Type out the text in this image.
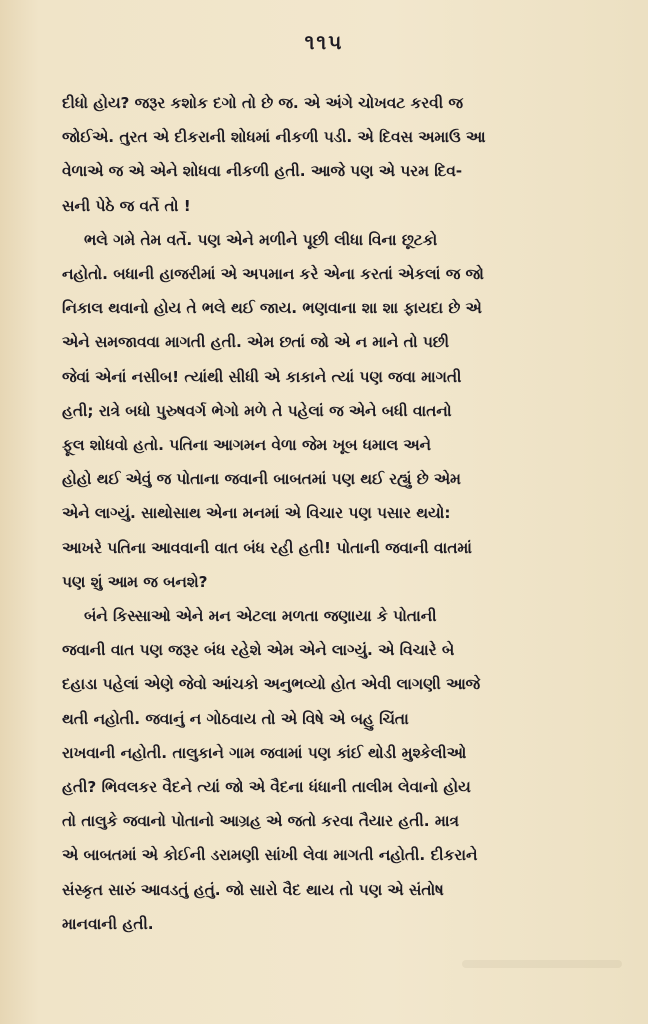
૧૧૫

દીધો હોય? જરૂર કશોક દગો તો છે જ. એ અંગે ચોખવટ કરવી જ

જોઈએ. તુરત એ દીકરાની શોધમાં નીકળી પડી. એ દિવસ અમાઉ આ

વેળાએ જ એ એને શોધવા નીકળી હતી. આજે પણ એ પરમ દિવ-

સની પેઠે જ વર્તે તો !

ભલે ગમે તેમ વર્તે. પણ એને મળીને પૂછી લીધા વિના છૂટકો

નહોતો. બધાની હાજરીમાં એ અપમાન કરે એના કરતાં એકલાં જ જો

નિકાલ થવાનો હોય તે ભલે થઈ જાય. ભણવાના શા શા ફાયદા છે એ

એને સમજાવવા માગતી હતી. એમ છતાં જો એ ન માને તો પછી

જેવાં એનાં નસીબ! ત્યાંથી સીધી એ કાકાને ત્યાં પણ જવા માગતી

હતી; રાત્રે બધો પુરુષવર્ગ ભેગો મળે તે પહેલાં જ એને બધી વાતનો

ફૂલ શોધવો હતો. પતિના આગમન વેળા જેમ ખૂબ ધમાલ અને

હોહો થઈ એવું જ પોતાના જવાની બાબતમાં પણ થઈ રહ્યું છે એમ

એને લાગ્યું. સાથોસાથ એના મનમાં એ વિચાર પણ પસાર થયો:

આખરે પતિના આવવાની વાત બંધ રહી હતી! પોતાની જવાની વાતમાં

પણ શું આમ જ બનશે?

બંને કિસ્સાઓ એને મન એટલા મળતા જણાયા કે પોતાની

જવાની વાત પણ જરૂર બંધ રહેશે એમ એને લાગ્યું. એ વિચારે બે

દહાડા પહેલાં એણે જેવો આંચકો અનુભવ્યો હોત એવી લાગણી આજે

થતી નહોતી. જવાનું ન ગોઠવાય તો એ વિષે એ બહુ ચિંતા

રાખવાની નહોતી. તાલુકાને ગામ જવામાં પણ કાંઈ થોડી મુશ્કેલીઓ

હતી? ભિવલકર વૈદને ત્યાં જો એ વૈદના ધંધાની તાલીમ લેવાનો હોય

તો તાલુકે જવાનો પોતાનો આગ્રહ એ જતો કરવા તૈયાર હતી. માત્ર

એ બાબતમાં એ કોઈની ડરામણી સાંખી લેવા માગતી નહોતી. દીકરાને

સંસ્કૃત સારું આવડતું હતું. જો સારો વૈદ થાય તો પણ એ સંતોષ

માનવાની હતી.
